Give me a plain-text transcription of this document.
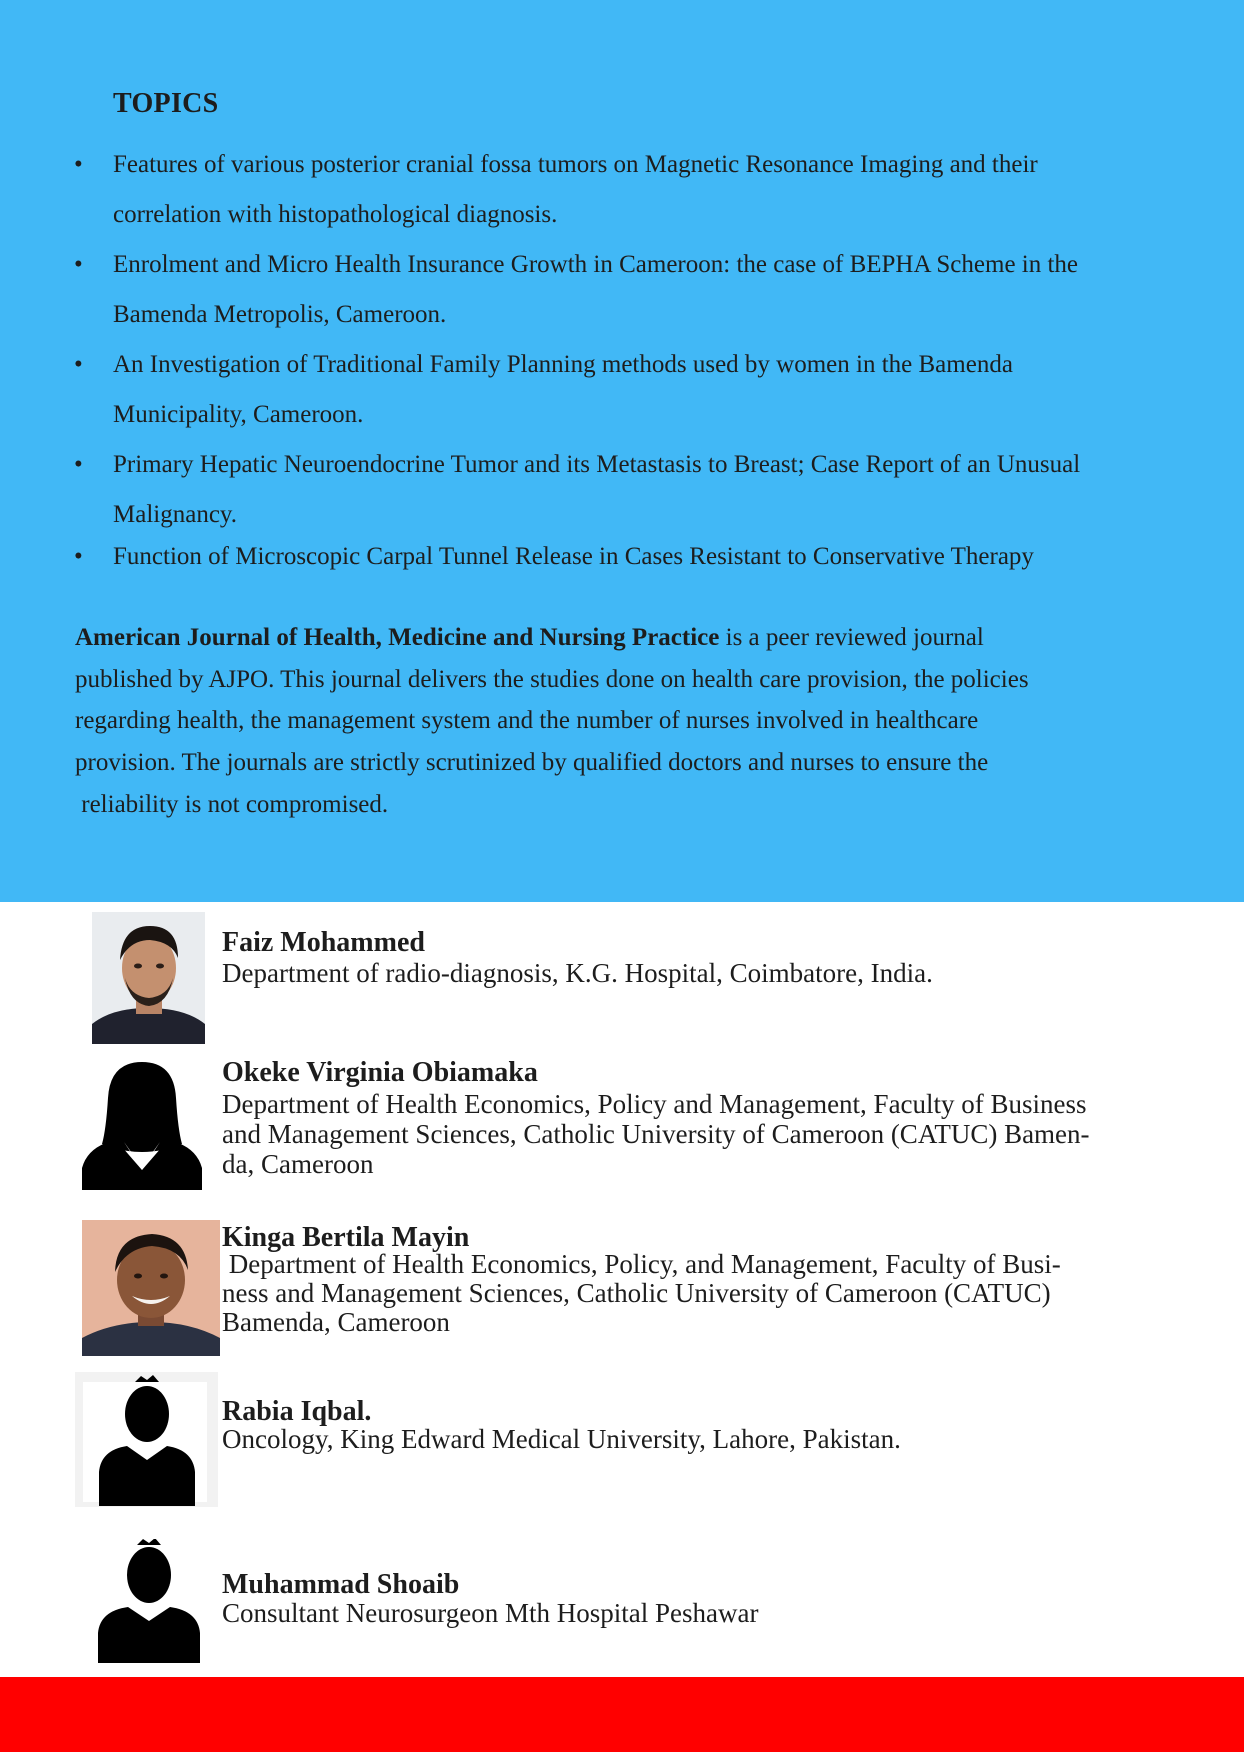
TOPICS
• Features of various posterior cranial fossa tumors on Magnetic Resonance Imaging and their
correlation with histopathological diagnosis.
• Enrolment and Micro Health Insurance Growth in Cameroon: the case of BEPHA Scheme in the
Bamenda Metropolis, Cameroon.
• An Investigation of Traditional Family Planning methods used by women in the Bamenda
Municipality, Cameroon.
• Primary Hepatic Neuroendocrine Tumor and its Metastasis to Breast; Case Report of an Unusual
Malignancy.
• Function of Microscopic Carpal Tunnel Release in Cases Resistant to Conservative Therapy

American Journal of Health, Medicine and Nursing Practice is a peer reviewed journal
published by AJPO. This journal delivers the studies done on health care provision, the policies
regarding health, the management system and the number of nurses involved in healthcare
provision. The journals are strictly scrutinized by qualified doctors and nurses to ensure the
reliability is not compromised.

Faiz Mohammed
Department of radio-diagnosis, K.G. Hospital, Coimbatore, India.
Okeke Virginia Obiamaka
Department of Health Economics, Policy and Management, Faculty of Business
and Management Sciences, Catholic University of Cameroon (CATUC) Bamen-
da, Cameroon
Kinga Bertila Mayin
Department of Health Economics, Policy, and Management, Faculty of Busi-
ness and Management Sciences, Catholic University of Cameroon (CATUC)
Bamenda, Cameroon
Rabia Iqbal.
Oncology, King Edward Medical University, Lahore, Pakistan.
Muhammad Shoaib
Consultant Neurosurgeon Mth Hospital Peshawar
